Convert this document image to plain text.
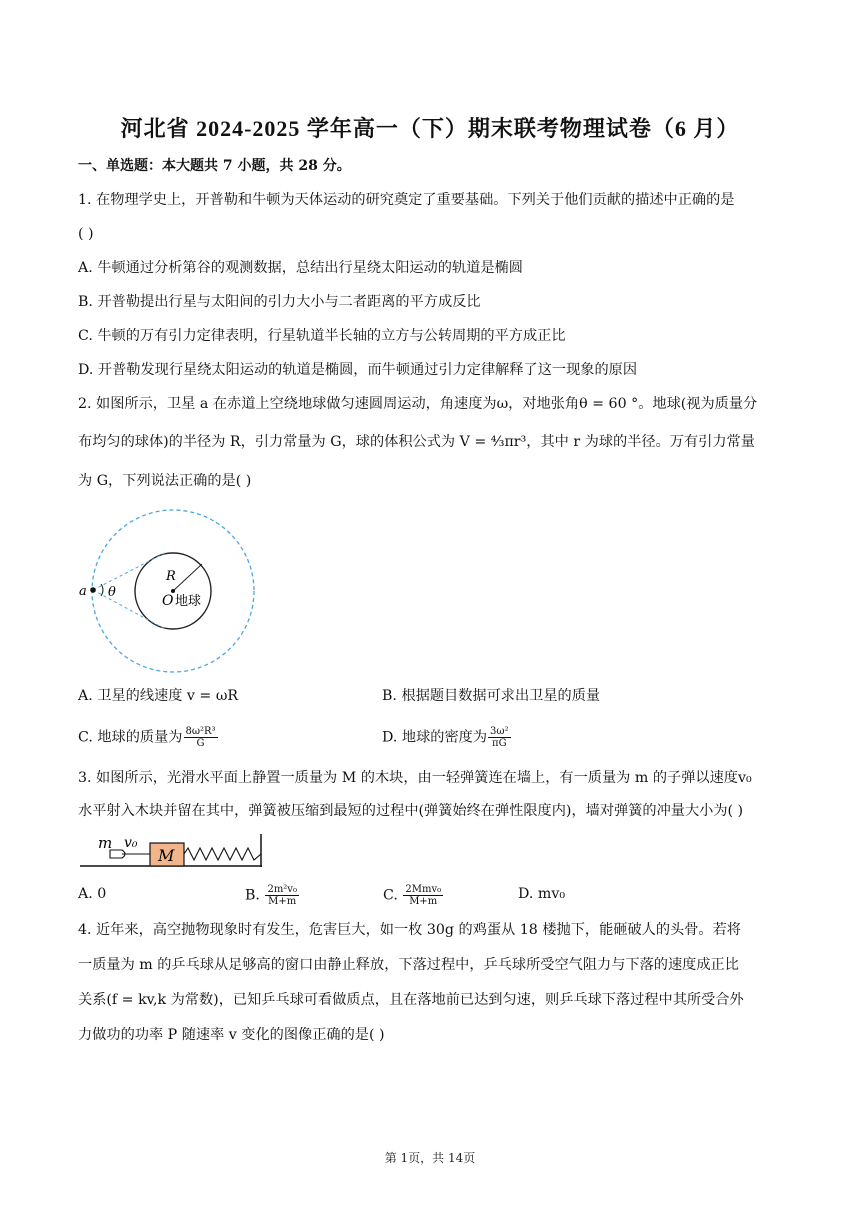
河北省 2024-2025 学年高一（下）期末联考物理试卷（6 月）
一、单选题：本大题共 7 小题，共 28 分。
1. 在物理学史上，开普勒和牛顿为天体运动的研究奠定了重要基础。下列关于他们贡献的描述中正确的是
( )
A. 牛顿通过分析第谷的观测数据，总结出行星绕太阳运动的轨道是椭圆
B. 开普勒提出行星与太阳间的引力大小与二者距离的平方成反比
C. 牛顿的万有引力定律表明，行星轨道半长轴的立方与公转周期的平方成正比
D. 开普勒发现行星绕太阳运动的轨道是椭圆，而牛顿通过引力定律解释了这一现象的原因
2. 如图所示，卫星 a 在赤道上空绕地球做匀速圆周运动，角速度为ω，对地张角θ = 60 °。地球(视为质量分
布均匀的球体)的半径为 R，引力常量为 G，球的体积公式为 V = ⁴⁄₃πr³，其中 r 为球的半径。万有引力常量
为 G，下列说法正确的是( )
a θ
R
O 地球
A. 卫星的线速度 v = ωR	B. 根据题目数据可求出卫星的质量
C. 地球的质量为 $\frac{\text{8ω²R³}}{G}$	D. 地球的密度为 $\frac{\text{3ω²}}{\pi G}$
3. 如图所示，光滑水平面上静置一质量为 M 的木块，由一轻弹簧连在墙上，有一质量为 m 的子弹以速度v₀
水平射入木块并留在其中，弹簧被压缩到最短的过程中(弹簧始终在弹性限度内)，墙对弹簧的冲量大小为( )
m v₀
M
A. 0	B. $\frac{\text{2m²v₀}}{M+m}$	C. $\frac{\text{2Mmv₀}}{M+m}$	D. mv₀
4. 近年来，高空抛物现象时有发生，危害巨大，如一枚 30g 的鸡蛋从 18 楼抛下，能砸破人的头骨。若将
一质量为 m 的乒乓球从足够高的窗口由静止释放，下落过程中，乒乓球所受空气阻力与下落的速度成正比
关系(f = kv,k 为常数)，已知乒乓球可看做质点，且在落地前已达到匀速，则乒乓球下落过程中其所受合外
力做功的功率 P 随速率 v 变化的图像正确的是( )
第 1页，共 14页
